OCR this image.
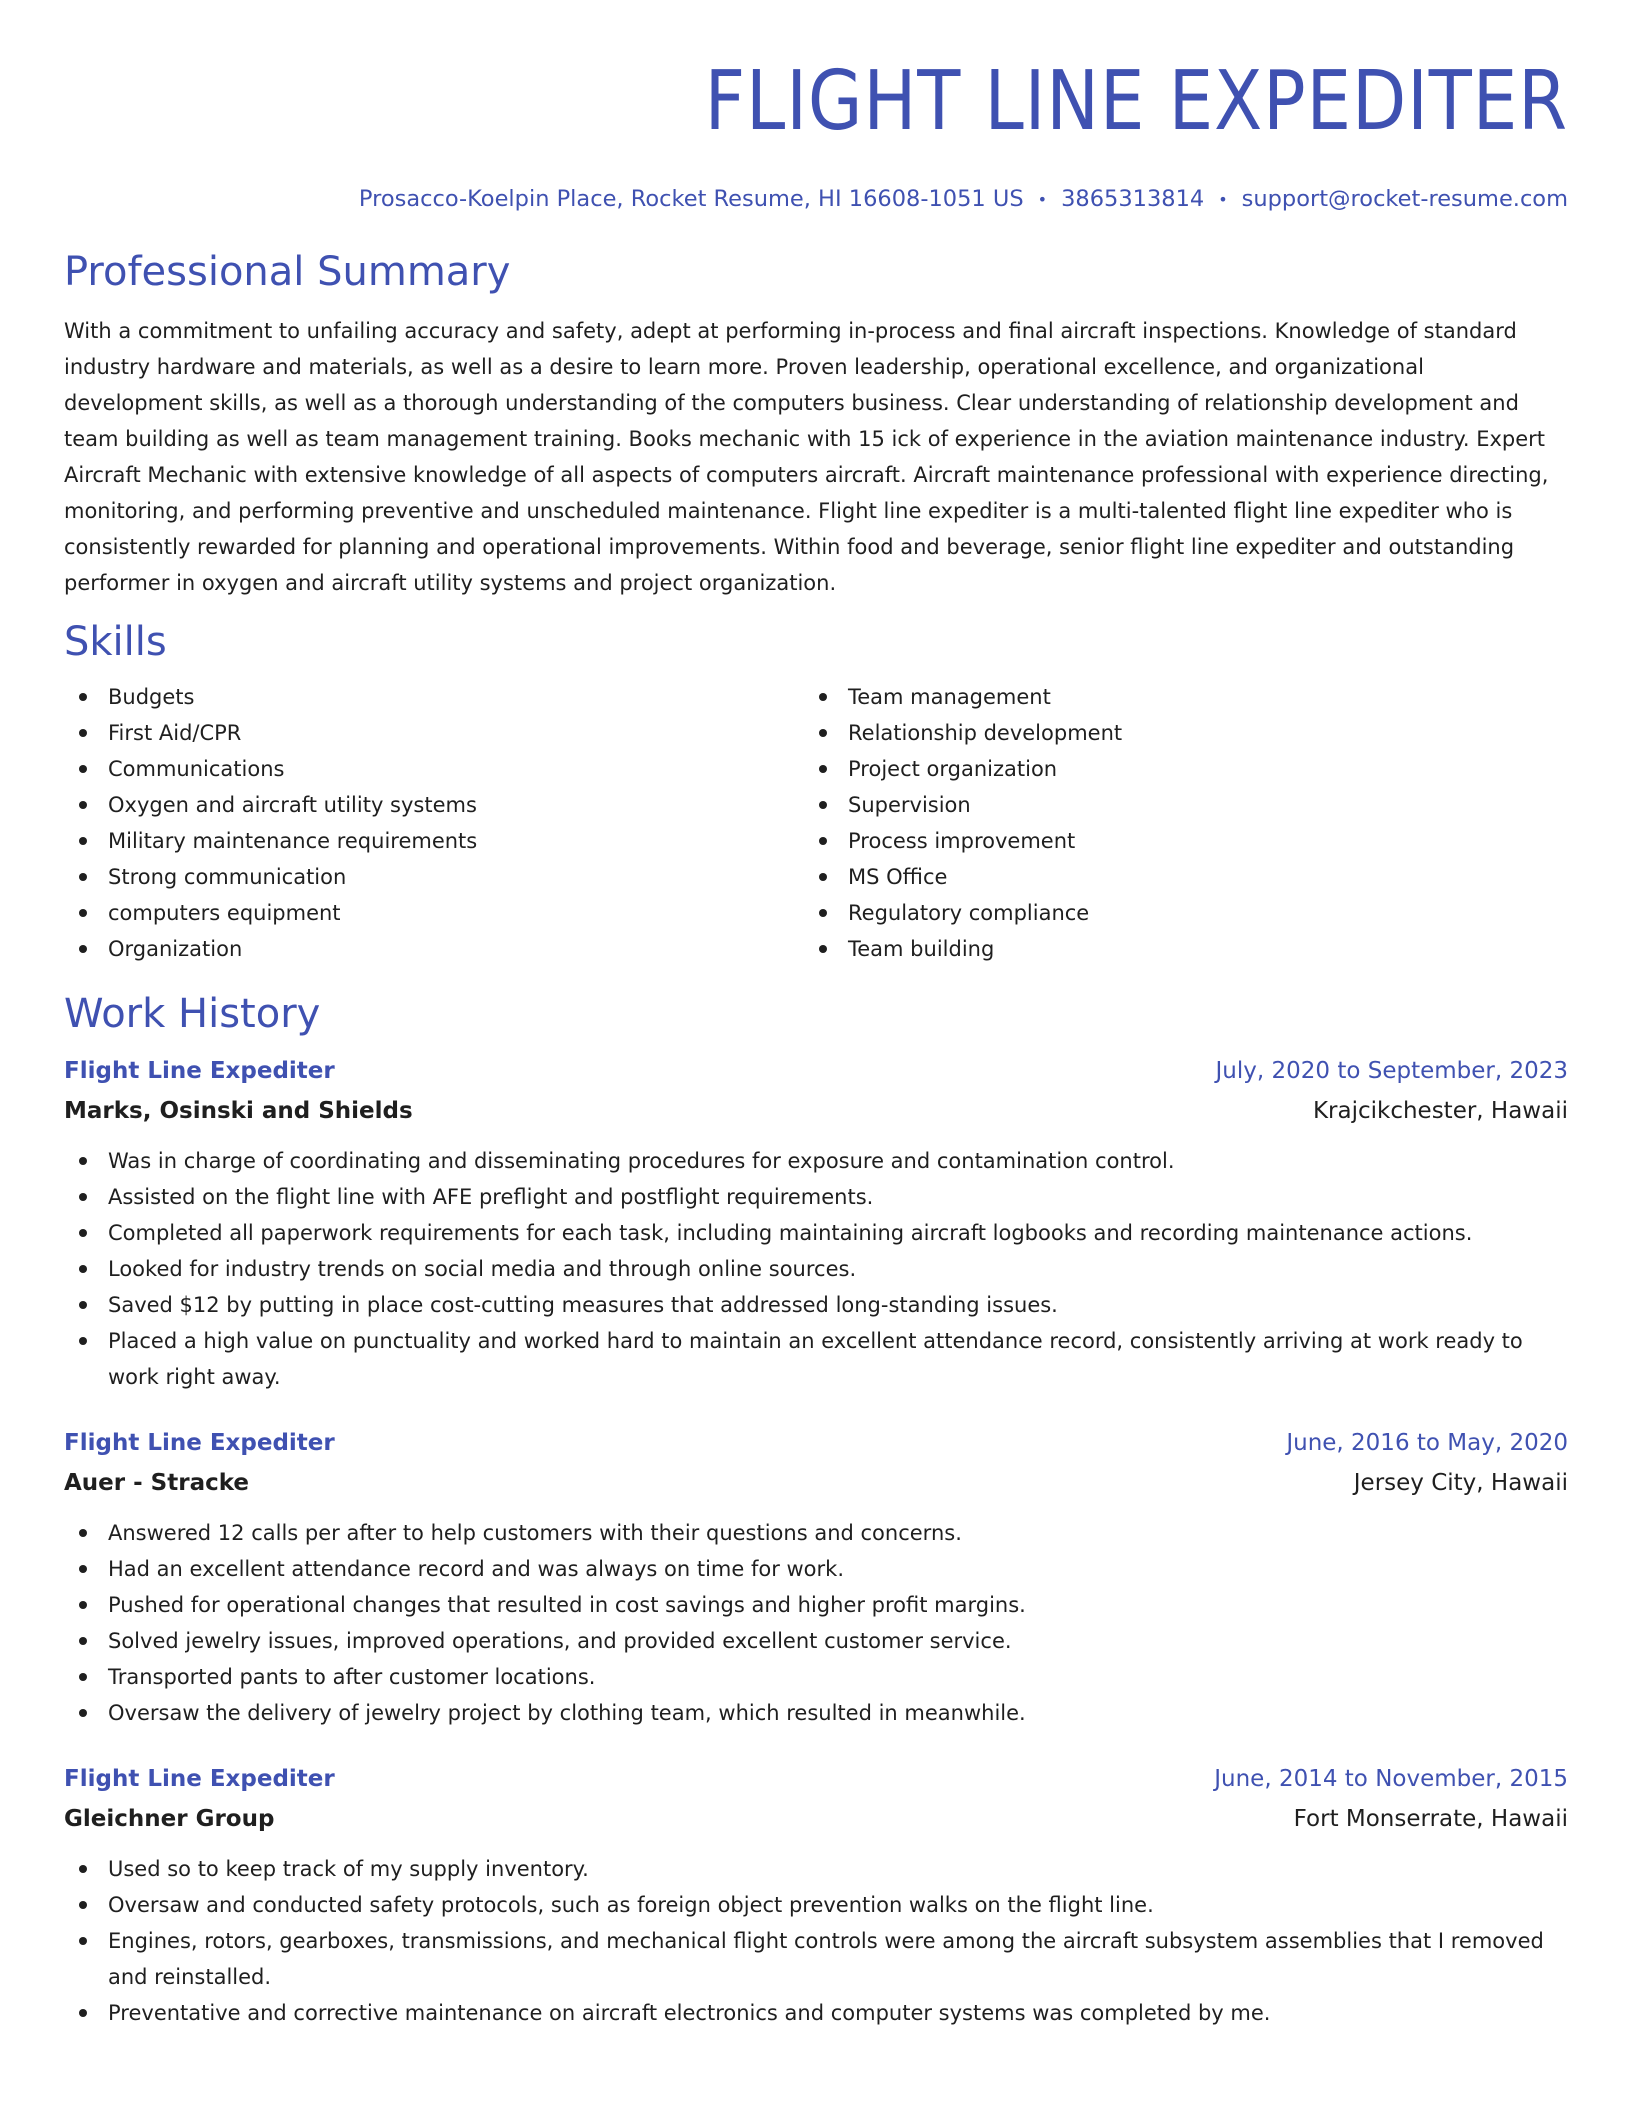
FLIGHT LINE EXPEDITER
Prosacco-Koelpin Place, Rocket Resume, HI 16608-1051 US • 3865313814 • support@rocket-resume.com
Professional Summary

With a commitment to unfailing accuracy and safety, adept at performing in-process and final aircraft inspections. Knowledge of standard industry hardware and materials, as well as a desire to learn more. Proven leadership, operational excellence, and organizational development skills, as well as a thorough understanding of the computers business. Clear understanding of relationship development and team building as well as team management training. Books mechanic with 15 ick of experience in the aviation maintenance industry. Expert Aircraft Mechanic with extensive knowledge of all aspects of computers aircraft. Aircraft maintenance professional with experience directing, monitoring, and performing preventive and unscheduled maintenance. Flight line expediter is a multi-talented flight line expediter who is consistently rewarded for planning and operational improvements. Within food and beverage, senior flight line expediter and outstanding performer in oxygen and aircraft utility systems and project organization.

Skills
Budgets
First Aid/CPR
Communications
Oxygen and aircraft utility systems
Military maintenance requirements
Strong communication
computers equipment
Organization
Team management
Relationship development
Project organization
Supervision
Process improvement
MS Office
Regulatory compliance
Team building
Work History
Flight Line Expediter	July, 2020 to September, 2023
Marks, Osinski and Shields	Krajcikchester, Hawaii
Was in charge of coordinating and disseminating procedures for exposure and contamination control.
Assisted on the flight line with AFE preflight and postflight requirements.
Completed all paperwork requirements for each task, including maintaining aircraft logbooks and recording maintenance actions.
Looked for industry trends on social media and through online sources.
Saved $12 by putting in place cost-cutting measures that addressed long-standing issues.
Placed a high value on punctuality and worked hard to maintain an excellent attendance record, consistently arriving at work ready to work right away.
Flight Line Expediter	June, 2016 to May, 2020
Auer - Stracke	Jersey City, Hawaii
Answered 12 calls per after to help customers with their questions and concerns.
Had an excellent attendance record and was always on time for work.
Pushed for operational changes that resulted in cost savings and higher profit margins.
Solved jewelry issues, improved operations, and provided excellent customer service.
Transported pants to after customer locations.
Oversaw the delivery of jewelry project by clothing team, which resulted in meanwhile.
Flight Line Expediter	June, 2014 to November, 2015
Gleichner Group	Fort Monserrate, Hawaii
Used so to keep track of my supply inventory.
Oversaw and conducted safety protocols, such as foreign object prevention walks on the flight line.
Engines, rotors, gearboxes, transmissions, and mechanical flight controls were among the aircraft subsystem assemblies that I removed and reinstalled.
Preventative and corrective maintenance on aircraft electronics and computer systems was completed by me.
